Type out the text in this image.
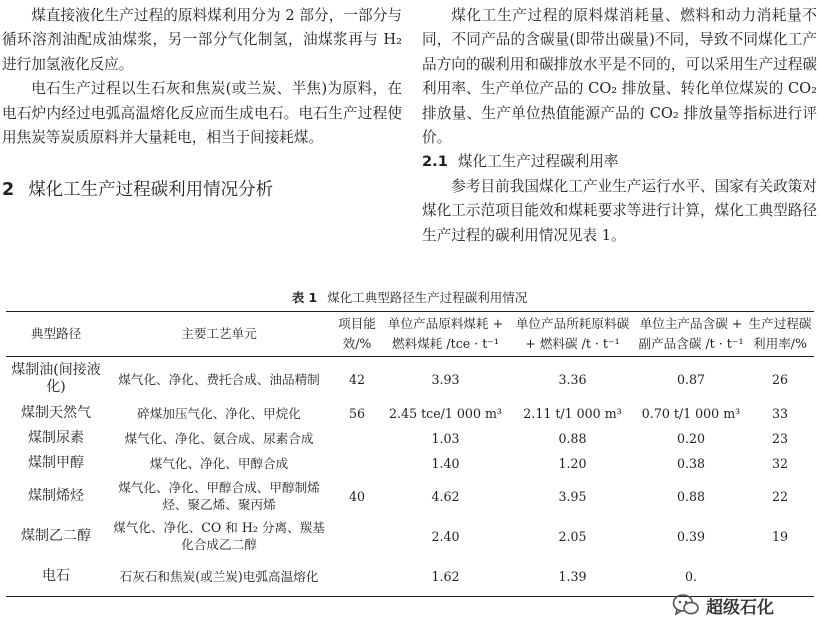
煤直接液化生产过程的原料煤利用分为 2 部分，一部分与循环溶剂油配成油煤浆，另一部分气化制氢，油煤浆再与 H₂ 进行加氢液化反应。

电石生产过程以生石灰和焦炭(或兰炭、半焦)为原料，在电石炉内经过电弧高温熔化反应而生成电石。电石生产过程使用焦炭等炭质原料并大量耗电，相当于间接耗煤。

2 煤化工生产过程碳利用情况分析

煤化工生产过程的原料煤消耗量、燃料和动力消耗量不同，不同产品的含碳量(即带出碳量)不同，导致不同煤化工产品方向的碳利用和碳排放水平是不同的，可以采用生产过程碳利用率、生产单位产品的 CO₂ 排放量、转化单位煤炭的 CO₂ 排放量、生产单位热值能源产品的 CO₂ 排放量等指标进行评价。

2.1 煤化工生产过程碳利用率

参考目前我国煤化工产业生产运行水平、国家有关政策对煤化工示范项目能效和煤耗要求等进行计算，煤化工典型路径生产过程的碳利用情况见表 1。

表 1 煤化工典型路径生产过程碳利用情况
典型路径	主要工艺单元	项目能效/%	单位产品原料煤耗 + 燃料煤耗 /tce · t⁻¹	单位产品所耗原料碳 + 燃料碳 /t · t⁻¹	单位主产品含碳 + 副产品含碳 /t · t⁻¹	生产过程碳利用率/%
煤制油(间接液化)	煤气化、净化、费托合成、油品精制	42	3.93	3.36	0.87	26
煤制天然气	碎煤加压气化、净化、甲烷化	56	2.45 tce/1 000 m³	2.11 t/1 000 m³	0.70 t/1 000 m³	33
煤制尿素	煤气化、净化、氨合成、尿素合成		1.03	0.88	0.20	23
煤制甲醇	煤气化、净化、甲醇合成		1.40	1.20	0.38	32
煤制烯烃	煤气化、净化、甲醇合成、甲醇制烯烃、聚乙烯、聚丙烯	40	4.62	3.95	0.88	22
煤制乙二醇	煤气化、净化、CO 和 H₂ 分离、羰基化合成乙二醇		2.40	2.05	0.39	19
电石	石灰石和焦炭(或兰炭)电弧高温熔化		1.62	1.39	0.	
超级石化
